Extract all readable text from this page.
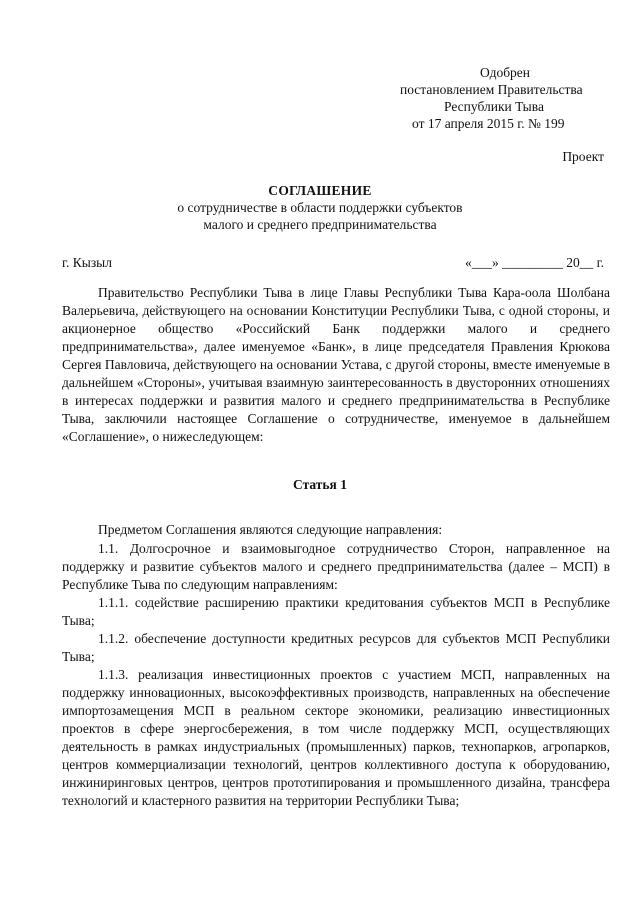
Одобрен
постановлением Правительства
Республики Тыва
от 17 апреля 2015 г. № 199
Проект
СОГЛАШЕНИЕ
о сотрудничестве в области поддержки субъектов
малого и среднего предпринимательства
г. Кызыл	«___» _________ 20__ г.
Правительство Республики Тыва в лице Главы Республики Тыва Кара-оола Шолбана Валерьевича, действующего на основании Конституции Республики Тыва, с одной стороны, и акционерное общество «Российский Банк поддержки малого и среднего предпринимательства», далее именуемое «Банк», в лице председателя Правления Крюкова Сергея Павловича, действующего на основании Устава, с другой стороны, вместе именуемые в дальнейшем «Стороны», учитывая взаимную заинтересованность в двусторонних отношениях в интересах поддержки и развития малого и среднего предпринимательства в Республике Тыва, заключили настоящее Соглашение о сотрудничестве, именуемое в дальнейшем «Соглашение», о нижеследующем:
Статья 1
Предметом Соглашения являются следующие направления:
1.1. Долгосрочное и взаимовыгодное сотрудничество Сторон, направленное на поддержку и развитие субъектов малого и среднего предпринимательства (далее – МСП) в Республике Тыва по следующим направлениям:
1.1.1. содействие расширению практики кредитования субъектов МСП в Республике Тыва;
1.1.2. обеспечение доступности кредитных ресурсов для субъектов МСП Республики Тыва;
1.1.3. реализация инвестиционных проектов с участием МСП, направленных на поддержку инновационных, высокоэффективных производств, направленных на обеспечение импортозамещения МСП в реальном секторе экономики, реализацию инвестиционных проектов в сфере энергосбережения, в том числе поддержку МСП, осуществляющих деятельность в рамках индустриальных (промышленных) парков, технопарков, агропарков, центров коммерциализации технологий, центров коллективного доступа к оборудованию, инжиниринговых центров, центров прототипирования и промышленного дизайна, трансфера технологий и кластерного развития на территории Республики Тыва;
